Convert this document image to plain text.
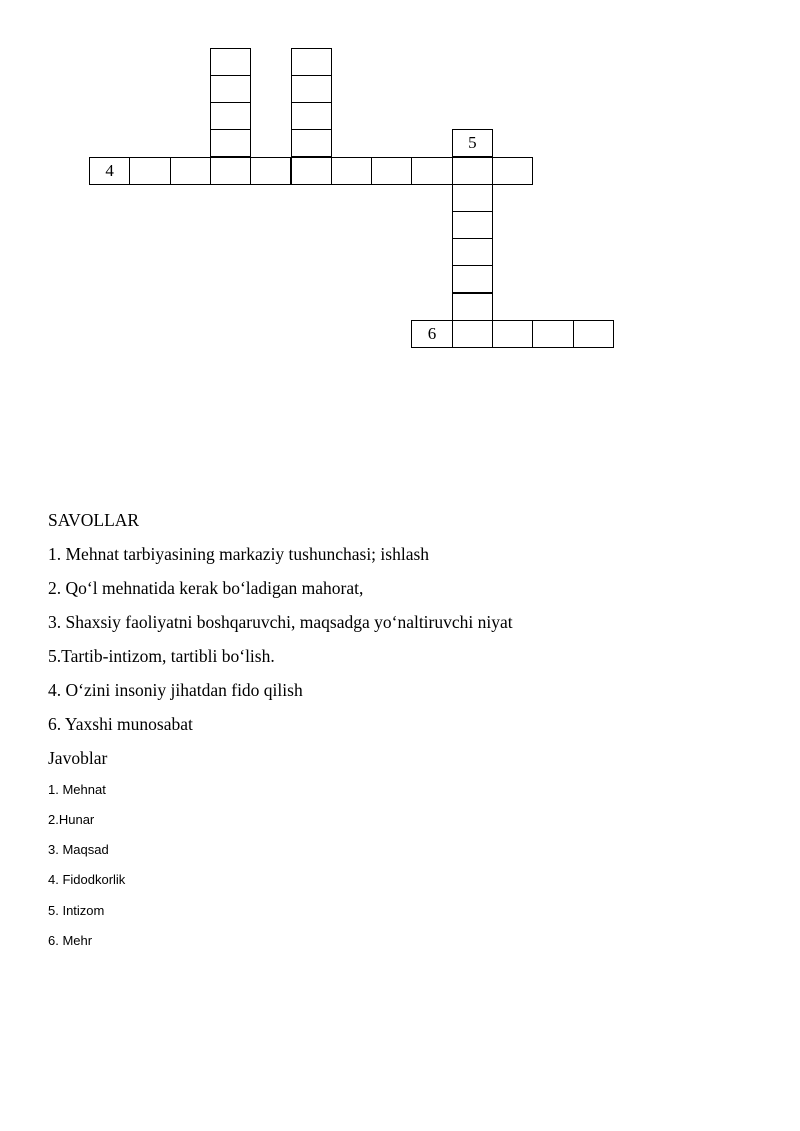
4
5
6

SAVOLLAR

1. Mehnat tarbiyasining markaziy tushunchasi; ishlash

2. Qo‘l mehnatida kerak bo‘ladigan mahorat,

3. Shaxsiy faoliyatni boshqaruvchi, maqsadga yo‘naltiruvchi niyat

5.Tartib-intizom, tartibli bo‘lish.

4. O‘zini insoniy jihatdan fido qilish

6. Yaxshi munosabat

Javoblar

1. Mehnat

2.Hunar

3. Maqsad

4. Fidodkorlik

5. Intizom

6. Mehr
